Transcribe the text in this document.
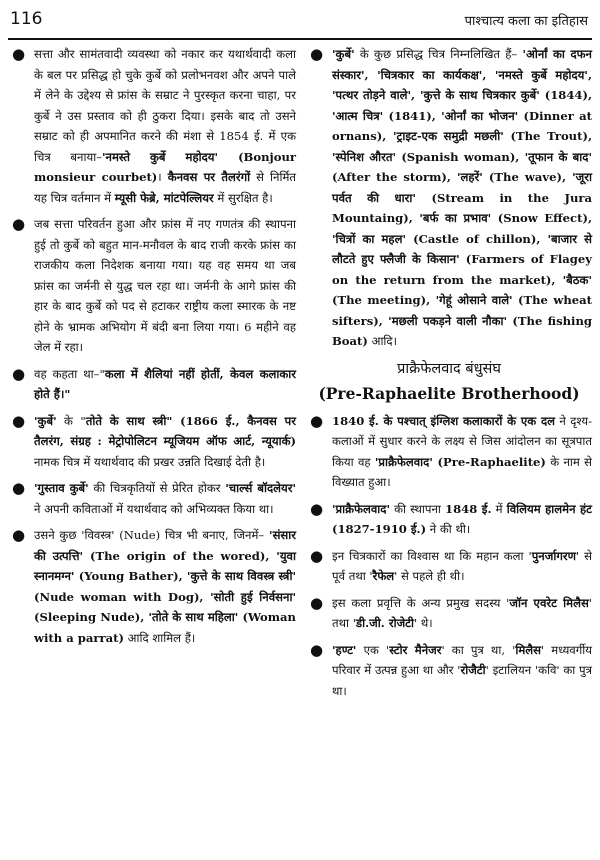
116	पाश्चात्य कला का इतिहास
● सत्ता और सामंतवादी व्यवस्था को नकार कर यथार्थवादी कला के बल पर प्रसिद्ध हो चुके कुर्बे को प्रलोभनवश और अपने पाले में लेने के उद्देश्य से फ्रांस के सम्राट ने पुरस्कृत करना चाहा, पर कुर्बे ने उस प्रस्ताव को ही ठुकरा दिया। इसके बाद तो उसने सम्राट को ही अपमानित करने की मंशा से 1854 ई. में एक चित्र बनाया–'नमस्ते कुर्बे महोदय' (Bonjour monsieur courbet)। कैनवस पर तैलरंगों से निर्मित यह चित्र वर्तमान में म्यूसी फेब्रे, मांटपेल्लियर में सुरक्षित है।
● जब सत्ता परिवर्तन हुआ और फ्रांस में नए गणतंत्र की स्थापना हुई तो कुर्बे को बहुत मान-मनौवल के बाद राजी करके फ्रांस का राजकीय कला निदेशक बनाया गया। यह वह समय था जब फ्रांस का जर्मनी से युद्ध चल रहा था। जर्मनी के आगे फ्रांस की हार के बाद कुर्बे को पद से हटाकर राष्ट्रीय कला स्मारक के नष्ट होने के भ्रामक अभियोग में बंदी बना लिया गया। 6 महीने वह जेल में रहा।
● वह कहता था–"कला में शैलियां नहीं होतीं, केवल कलाकार होते हैं।"
● 'कुर्बे' के "तोते के साथ स्त्री" (1866 ई., कैनवस पर तैलरंग, संग्रह : मेट्रोपोलिटन म्यूजियम ऑफ आर्ट, न्यूयार्क) नामक चित्र में यथार्थवाद की प्रखर उन्नति दिखाई देती है।
● 'गुस्ताव कुर्बे' की चित्रकृतियों से प्रेरित होकर 'चार्ल्स बॉदलेयर' ने अपनी कविताओं में यथार्थवाद को अभिव्यक्त किया था।
● उसने कुछ 'विवस्त्र' (Nude) चित्र भी बनाए, जिनमें– 'संसार की उत्पत्ति' (The origin of the wored), 'युवा स्नानमग्न' (Young Bather), 'कुत्ते के साथ विवस्त्र स्त्री' (Nude woman with Dog), 'सोती हुई निर्वसना' (Sleeping Nude), 'तोते के साथ महिला' (Woman with a parrat) आदि शामिल हैं।
● 'कुर्बे' के कुछ प्रसिद्ध चित्र निम्नलिखित हैं– 'ओर्नां का दफन संस्कार', 'चित्रकार का कार्यकक्ष', 'नमस्ते कुर्बे महोदय', 'पत्थर तोड़ने वाले', 'कुत्ते के साथ चित्रकार कुर्बे' (1844), 'आत्म चित्र' (1841), 'ओर्नां का भोजन' (Dinner at ornans), 'ट्राइट-एक समुद्री मछली' (The Trout), 'स्पेनिश औरत' (Spanish woman), 'तूफान के बाद' (After the storm), 'लहरें' (The wave), 'जूरा पर्वत की धारा' (Stream in the Jura Mountaing), 'बर्फ का प्रभाव' (Snow Effect), 'चित्रों का महल' (Castle of chillon), 'बाजार से लौटते हुए फ्लैजी के किसान' (Farmers of Flagey on the return from the market), 'बैठक' (The meeting), 'गेहूं ओसाने वाले' (The wheat sifters), 'मछली पकड़ने वाली नौका' (The fishing Boat) आदि।
प्राक्रैफेलवाद बंधुसंघ
(Pre-Raphaelite Brotherhood)
● 1840 ई. के पश्चात् इंग्लिश कलाकारों के एक दल ने दृश्य-कलाओं में सुधार करने के लक्ष्य से जिस आंदोलन का सूत्रपात किया वह 'प्राक्रैफेलवाद' (Pre-Raphaelite) के नाम से विख्यात हुआ।
● 'प्राक्रैफेलवाद' की स्थापना 1848 ई. में विलियम हालमेन हंट (1827-1910 ई.) ने की थी।
● इन चित्रकारों का विश्वास था कि महान कला 'पुनर्जागरण' से पूर्व तथा 'रैफेल' से पहले ही थी।
● इस कला प्रवृत्ति के अन्य प्रमुख सदस्य 'जॉन एवरेट मिलैस' तथा 'डी.जी. रोजेटी' थे।
● 'हण्ट' एक 'स्टोर मैनेजर' का पुत्र था, 'मिलैस' मध्यवर्गीय परिवार में उत्पन्न हुआ था और 'रोजैटी' इटालियन 'कवि' का पुत्र था।
